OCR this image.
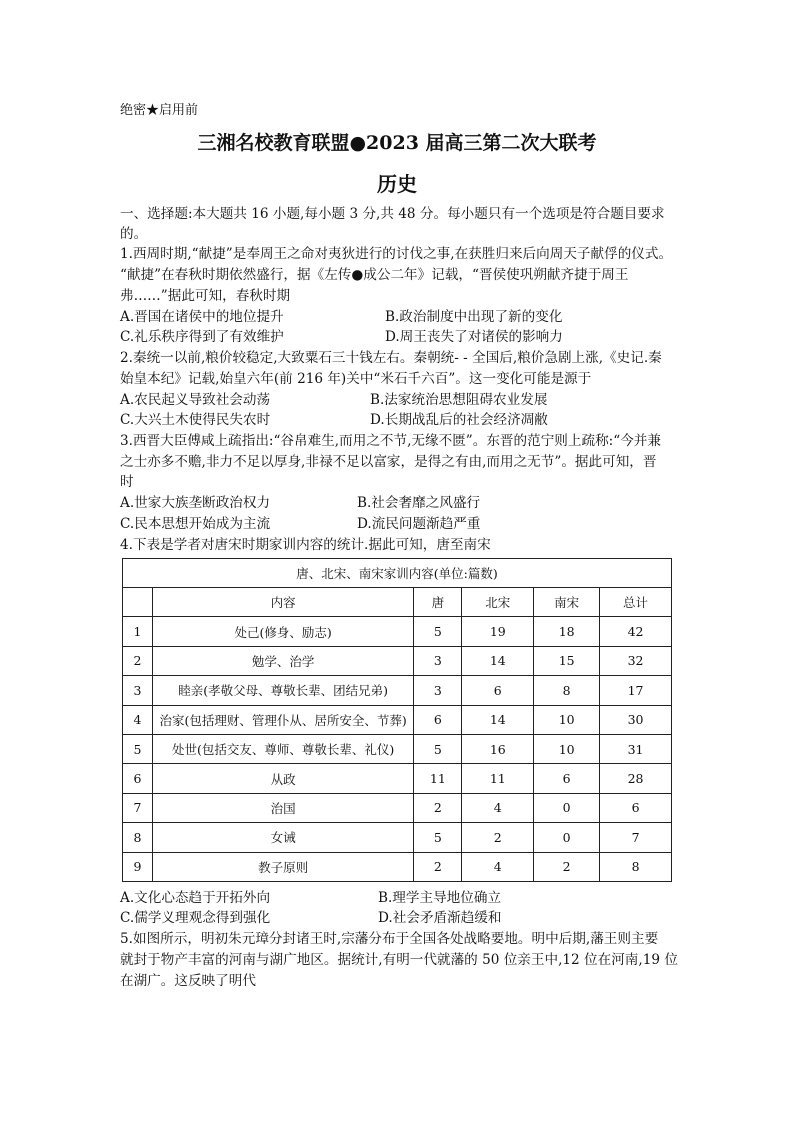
绝密★启用前
三湘名校教育联盟●2023 届高三第二次大联考
历史
一、选择题:本大题共 16 小题,每小题 3 分,共 48 分。每小题只有一个选项是符合题目要求
的。
1.西周时期,“献捷”是奉周王之命对夷狄进行的讨伐之事,在获胜归来后向周天子献俘的仪式。
“献捷”在春秋时期依然盛行，据《左传●成公二年》记载，“晋侯使巩朔献齐捷于周王
弗……”据此可知，春秋时期
A.晋国在诸侯中的地位提升	B.政治制度中出现了新的变化
C.礼乐秩序得到了有效维护	D.周王丧失了对诸侯的影响力
2.秦统一以前,粮价较稳定,大致粟石三十钱左右。秦朝统- - 全国后,粮价急剧上涨,《史记.秦
始皇本纪》记载,始皇六年(前 216 年)关中“米石千六百”。这一变化可能是源于
A.农民起义导致社会动荡	B.法家统治思想阻碍农业发展
C.大兴土木使得民失农时	D.长期战乱后的社会经济凋敝
3.西晋大臣傅咸上疏指出:“谷帛难生,而用之不节,无缘不匮”。东晋的范宁则上疏称:“今并兼
之士亦多不赡,非力不足以厚身,非禄不足以富家，是得之有由,而用之无节”。据此可知，晋
时
A.世家大族垄断政治权力	B.社会奢靡之风盛行
C.民本思想开始成为主流	D.流民问题渐趋严重
4.下表是学者对唐宋时期家训内容的统计.据此可知，唐至南宋
唐、北宋、南宋家训内容(单位:篇数)					
	内容	唐	北宋	南宋	总计
1	处己(修身、励志)	5	19	18	42
2	勉学、治学	3	14	15	32
3	睦亲(孝敬父母、尊敬长辈、团结兄弟)	3	6	8	17
4	治家(包括理财、管理仆从、居所安全、节葬)	6	14	10	30
5	处世(包括交友、尊师、尊敬长辈、礼仪)	5	16	10	31
6	从政	11	11	6	28
7	治国	2	4	0	6
8	女诫	5	2	0	7
9	教子原则	2	4	2	8
A.文化心态趋于开拓外向	B.理学主导地位确立
C.儒学义理观念得到强化	D.社会矛盾渐趋缓和
5.如图所示，明初朱元璋分封诸王时,宗藩分布于全国各处战略要地。明中后期,藩王则主要
就封于物产丰富的河南与湖广地区。据统计,有明一代就藩的 50 位亲王中,12 位在河南,19 位
在湖广。这反映了明代
